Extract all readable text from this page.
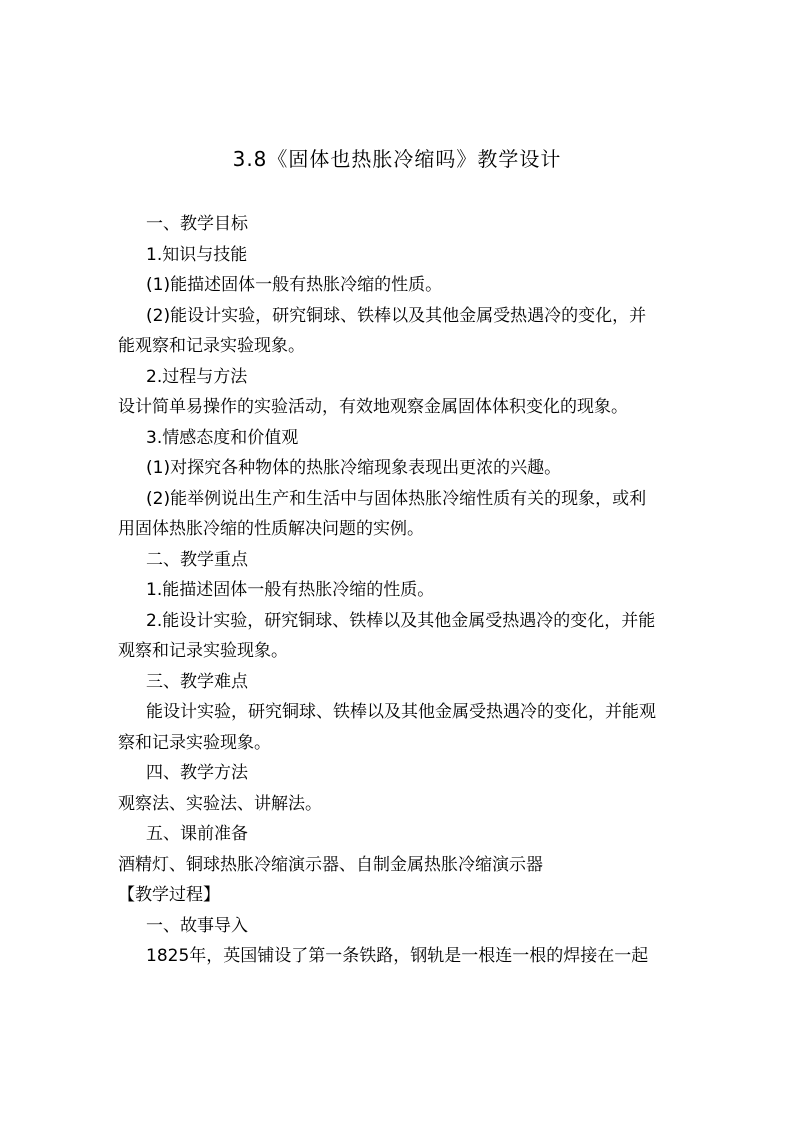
3.8《固体也热胀冷缩吗》教学设计
一、教学目标
1.知识与技能
(1)能描述固体一般有热胀冷缩的性质。
(2)能设计实验，研究铜球、铁棒以及其他金属受热遇冷的变化，并
能观察和记录实验现象。
2.过程与方法
设计简单易操作的实验活动，有效地观察金属固体体积变化的现象。
3.情感态度和价值观
(1)对探究各种物体的热胀冷缩现象表现出更浓的兴趣。
(2)能举例说出生产和生活中与固体热胀冷缩性质有关的现象，或利
用固体热胀冷缩的性质解决问题的实例。
二、教学重点
1.能描述固体一般有热胀冷缩的性质。
2.能设计实验，研究铜球、铁棒以及其他金属受热遇冷的变化，并能
观察和记录实验现象。
三、教学难点
能设计实验，研究铜球、铁棒以及其他金属受热遇冷的变化，并能观
察和记录实验现象。
四、教学方法
观察法、实验法、讲解法。
五、课前准备
酒精灯、铜球热胀冷缩演示器、自制金属热胀冷缩演示器
【教学过程】
一、故事导入
1825年，英国铺设了第一条铁路，钢轨是一根连一根的焊接在一起
